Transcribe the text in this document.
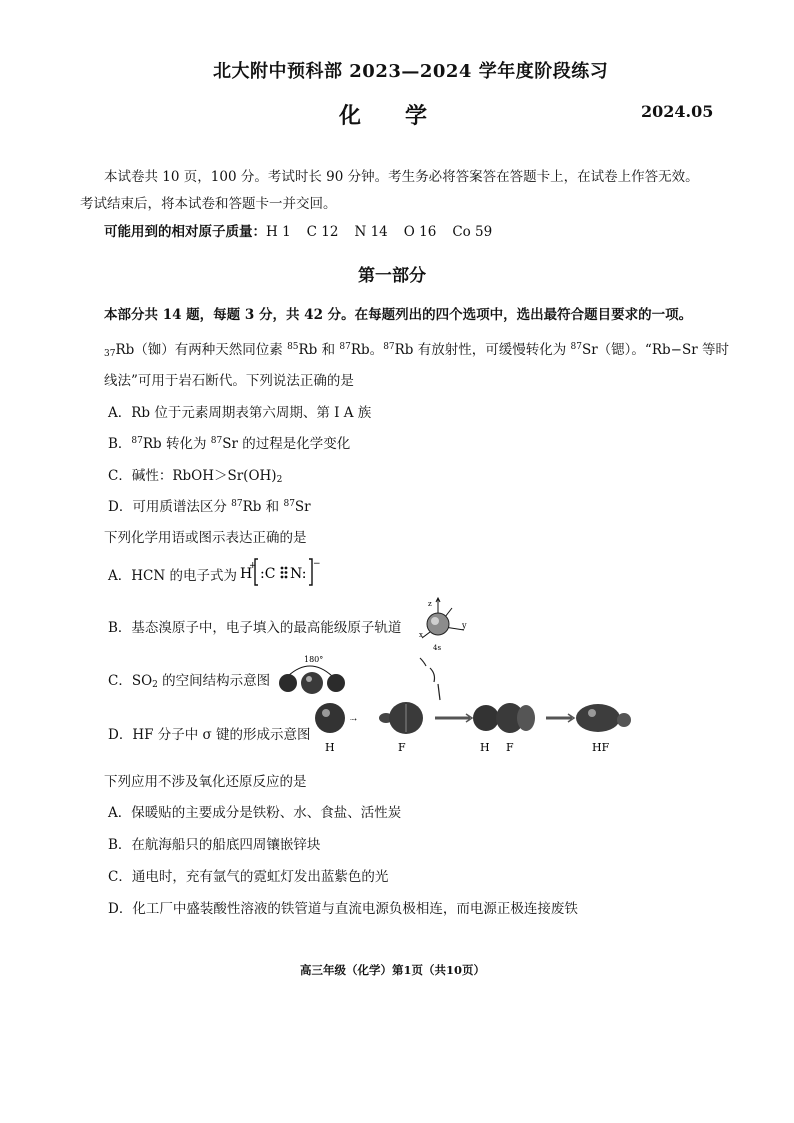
北大附中预科部 2023—2024 学年度阶段练习
化学	2024.05
本试卷共 10 页，100 分。考试时长 90 分钟。考生务必将答案答在答题卡上，在试卷上作答无效。
考试结束后，将本试卷和答题卡一并交回。
可能用到的相对原子质量：H 1 C 12 N 14 O 16 Co 59
第一部分
本部分共 14 题，每题 3 分，共 42 分。在每题列出的四个选项中，选出最符合题目要求的一项。
$_{37}$Rb（铷）有两种天然同位素 $^{85}$Rb 和 $^{87}$Rb。$^{87}$Rb 有放射性，可缓慢转化为 $^{87}$Sr（锶）。“Rb−Sr 等时
线法”可用于岩石断代。下列说法正确的是
A．Rb 位于元素周期表第六周期、第 I A 族
B．$^{87}$Rb 转化为 $^{87}$Sr 的过程是化学变化
C．碱性：$RbOH>Sr(OH)_2$
D．可用质谱法区分 $^{87}$Rb 和 $^{87}$Sr
下列化学用语或图示表达正确的是
A．HCN 的电子式为 H
+ :C N:
−
B．基态溴原子中，电子填入的最高能级原子轨道
z
y
x
4s
C．$SO_2$ 的空间结构示意图
180°
D．HF 分子中 σ 键的形成示意图
⇢
H	F	H F	HF
下列应用不涉及氧化还原反应的是
A．保暖贴的主要成分是铁粉、水、食盐、活性炭
B．在航海船只的船底四周镶嵌锌块
C．通电时，充有氩气的霓虹灯发出蓝紫色的光
D．化工厂中盛装酸性溶液的铁管道与直流电源负极相连，而电源正极连接废铁
高三年级（化学）第1页（共10页）
